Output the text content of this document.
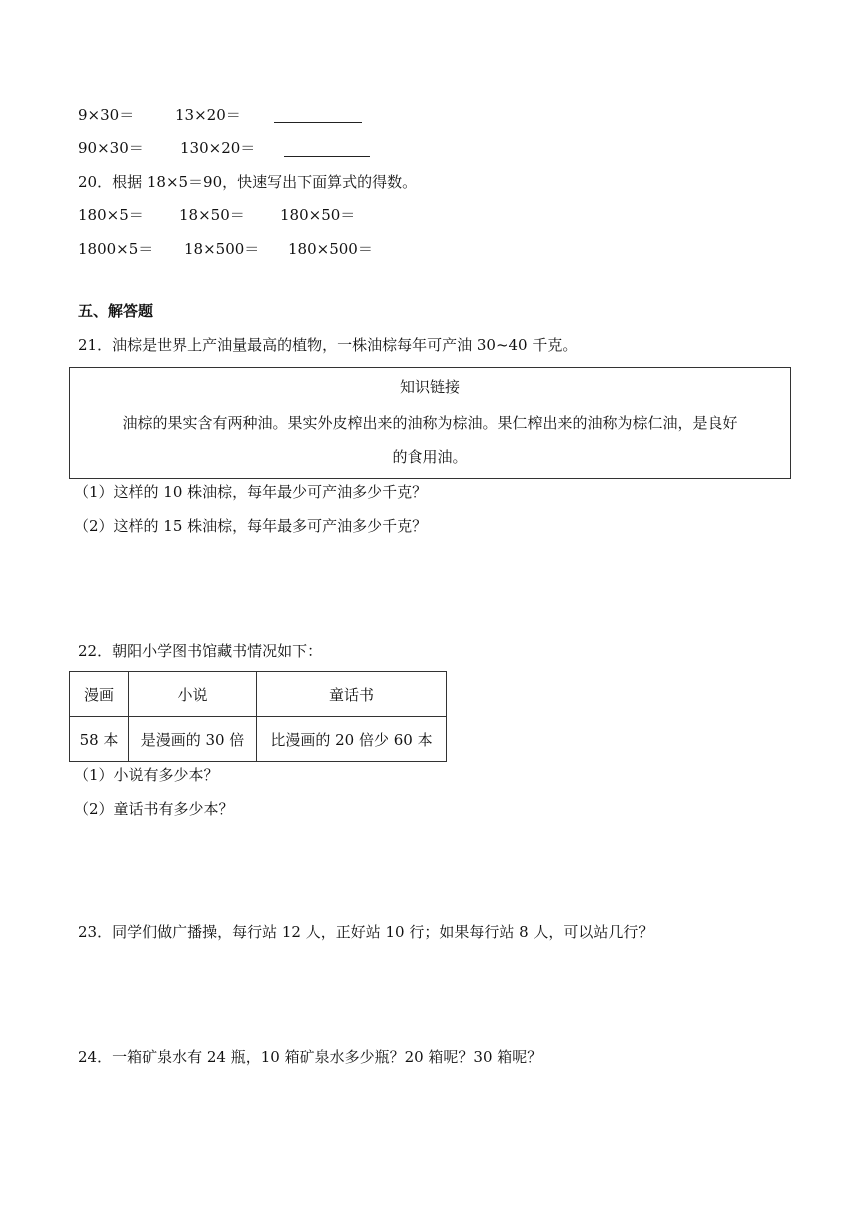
9×30＝	13×20＝
90×30＝ 130×20＝
20．根据 18×5＝90，快速写出下面算式的得数。
180×5＝ 18×50＝ 180×50＝
1800×5＝ 18×500＝ 180×500＝
五、解答题
21．油棕是世界上产油量最高的植物，一株油棕每年可产油 30~40 千克。
知识链接
油棕的果实含有两种油。果实外皮榨出来的油称为棕油。果仁榨出来的油称为棕仁油，是良好
的食用油。
（1）这样的 10 株油棕，每年最少可产油多少千克？
（2）这样的 15 株油棕，每年最多可产油多少千克？
22．朝阳小学图书馆藏书情况如下：
漫画	小说	童话书
58 本	是漫画的 30 倍	比漫画的 20 倍少 60 本
（1）小说有多少本？
（2）童话书有多少本？
23．同学们做广播操，每行站 12 人，正好站 10 行；如果每行站 8 人，可以站几行？
24．一箱矿泉水有 24 瓶，10 箱矿泉水多少瓶？20 箱呢？30 箱呢？
